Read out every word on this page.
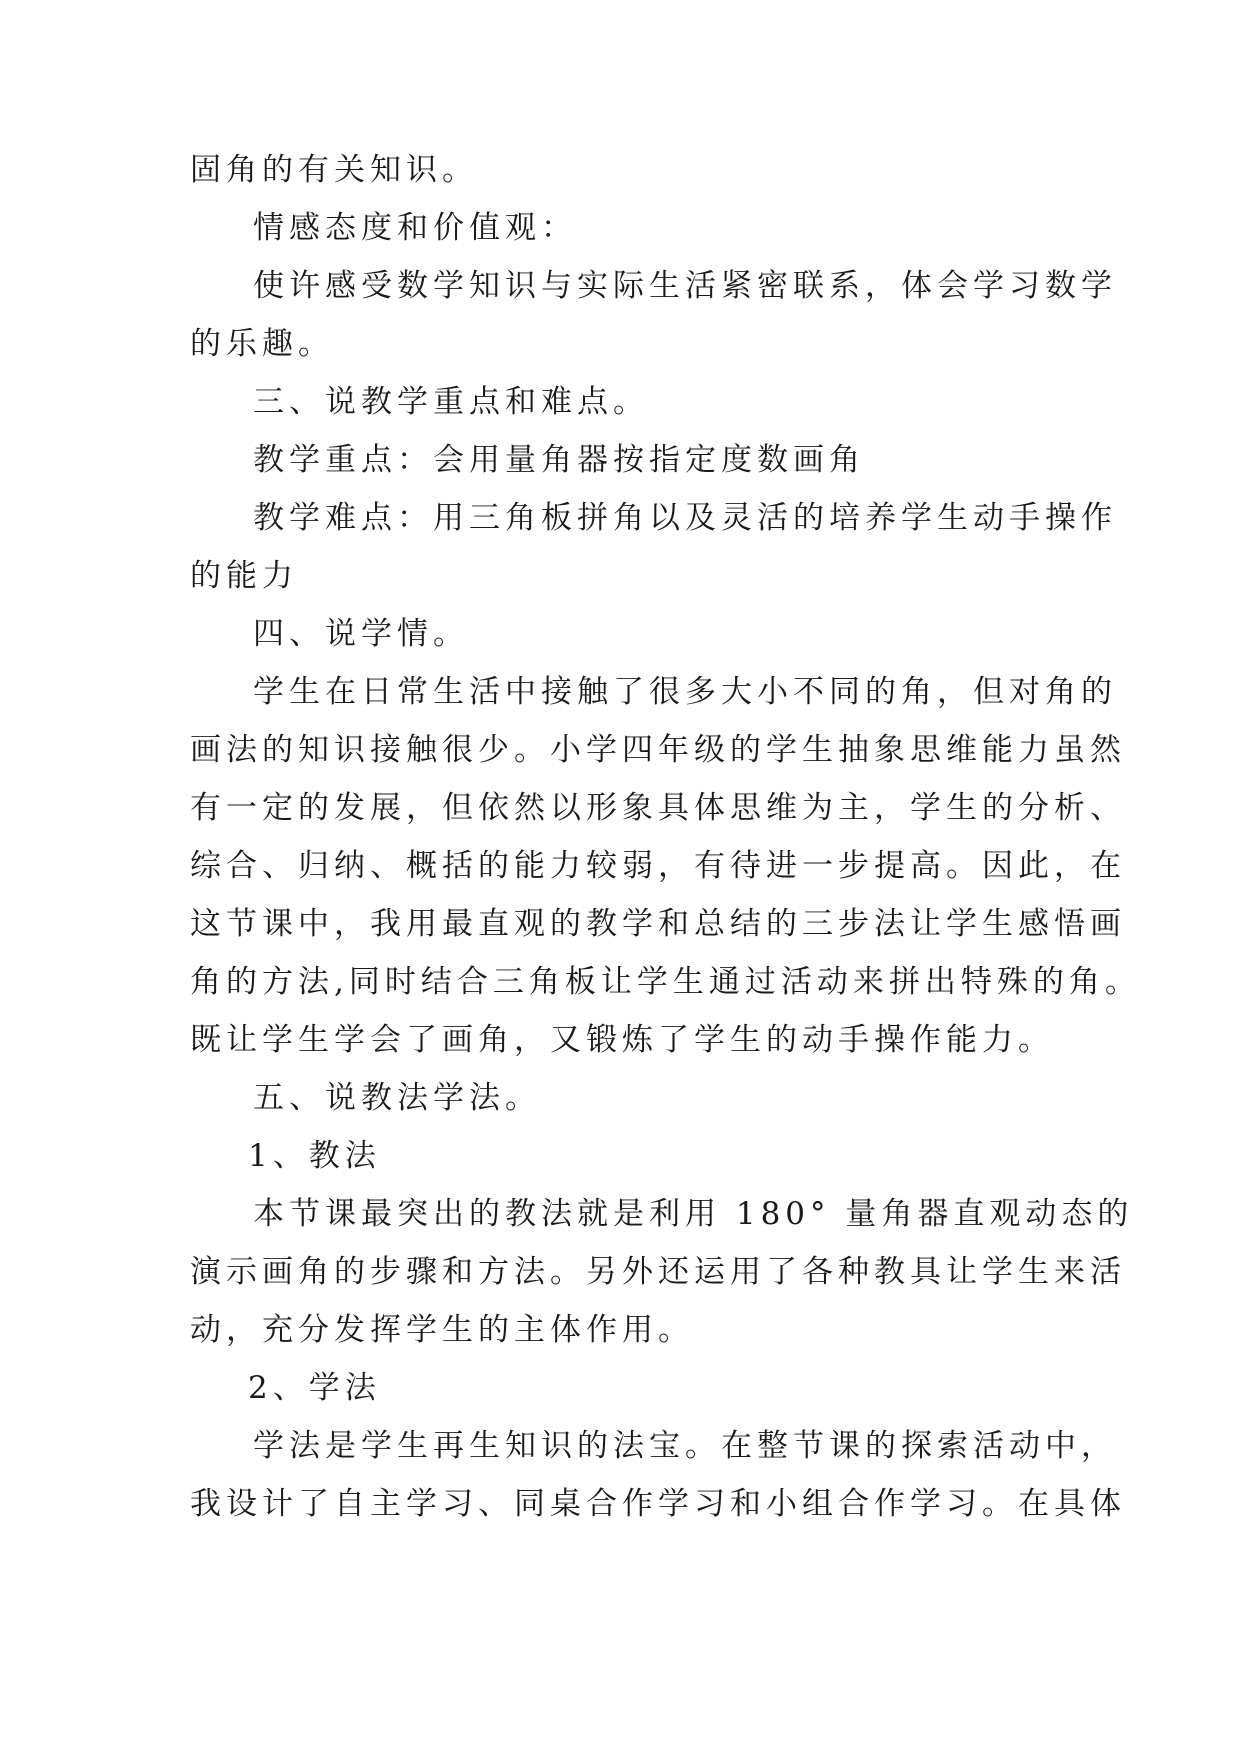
固角的有关知识。
情感态度和价值观：
使许感受数学知识与实际生活紧密联系，体会学习数学
的乐趣。
三、说教学重点和难点。
教学重点：会用量角器按指定度数画角
教学难点：用三角板拼角以及灵活的培养学生动手操作
的能力
四、说学情。
学生在日常生活中接触了很多大小不同的角，但对角的
画法的知识接触很少。小学四年级的学生抽象思维能力虽然
有一定的发展，但依然以形象具体思维为主，学生的分析、
综合、归纳、概括的能力较弱，有待进一步提高。因此，在
这节课中，我用最直观的教学和总结的三步法让学生感悟画
角的方法,同时结合三角板让学生通过活动来拼出特殊的角。
既让学生学会了画角，又锻炼了学生的动手操作能力。
五、说教法学法。
1、教法
本节课最突出的教法就是利用 180° 量角器直观动态的
演示画角的步骤和方法。另外还运用了各种教具让学生来活
动，充分发挥学生的主体作用。
2、学法
学法是学生再生知识的法宝。在整节课的探索活动中，
我设计了自主学习、同桌合作学习和小组合作学习。在具体
